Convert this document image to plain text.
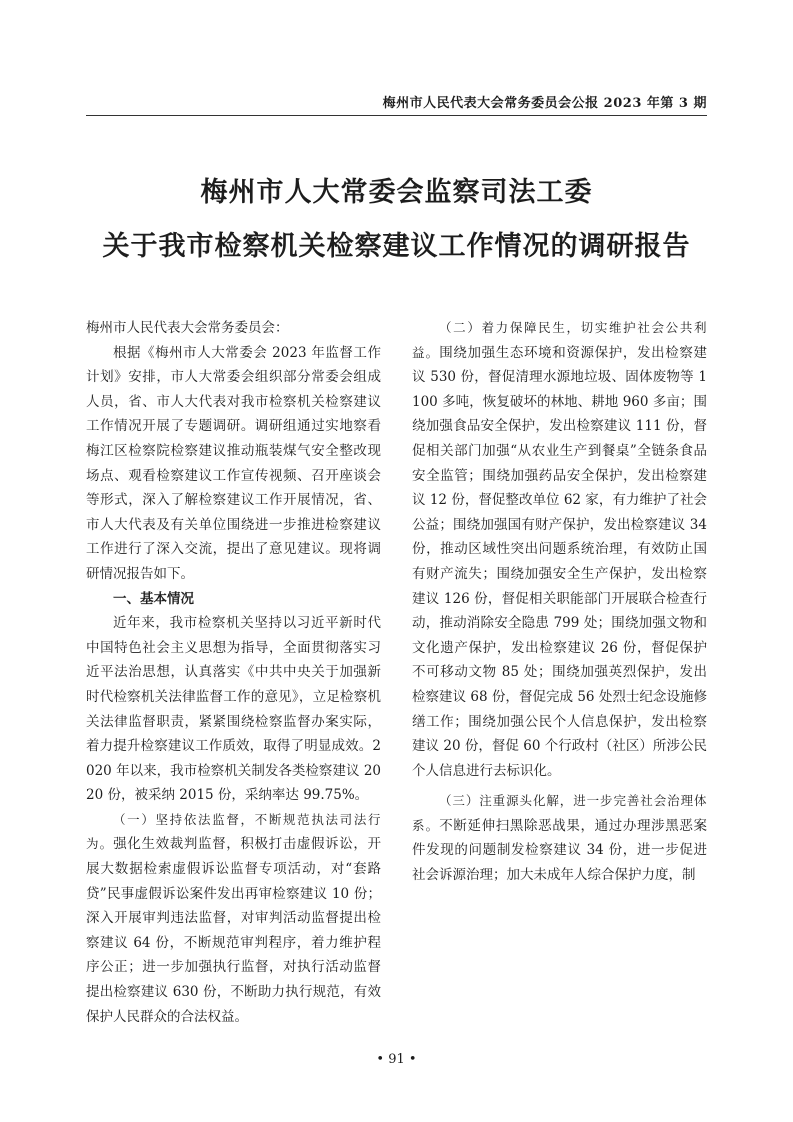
梅州市人民代表大会常务委员会公报 2023 年第 3 期
梅州市人大常委会监察司法工委
关于我市检察机关检察建议工作情况的调研报告

梅州市人民代表大会常务委员会：

根据《梅州市人大常委会 2023 年监督工作计划》安排，市人大常委会组织部分常委会组成人员，省、市人大代表对我市检察机关检察建议工作情况开展了专题调研。调研组通过实地察看梅江区检察院检察建议推动瓶装煤气安全整改现场点、观看检察建议工作宣传视频、召开座谈会等形式，深入了解检察建议工作开展情况，省、市人大代表及有关单位围绕进一步推进检察建议工作进行了深入交流，提出了意见建议。现将调研情况报告如下。

一、基本情况

近年来，我市检察机关坚持以习近平新时代中国特色社会主义思想为指导，全面贯彻落实习近平法治思想，认真落实《中共中央关于加强新时代检察机关法律监督工作的意见》，立足检察机关法律监督职责，紧紧围绕检察监督办案实际，着力提升检察建议工作质效，取得了明显成效。2020 年以来，我市检察机关制发各类检察建议 2020 份，被采纳 2015 份，采纳率达 99.75%。

（一）坚持依法监督，不断规范执法司法行为。强化生效裁判监督，积极打击虚假诉讼，开展大数据检索虚假诉讼监督专项活动，对“套路贷”民事虚假诉讼案件发出再审检察建议 10 份；深入开展审判违法监督，对审判活动监督提出检察建议 64 份，不断规范审判程序，着力维护程序公正；进一步加强执行监督，对执行活动监督提出检察建议 630 份，不断助力执行规范，有效保护人民群众的合法权益。

（二）着力保障民生，切实维护社会公共利益。围绕加强生态环境和资源保护，发出检察建议 530 份，督促清理水源地垃圾、固体废物等 1100 多吨，恢复破坏的林地、耕地 960 多亩；围绕加强食品安全保护，发出检察建议 111 份，督促相关部门加强“从农业生产到餐桌”全链条食品安全监管；围绕加强药品安全保护，发出检察建议 12 份，督促整改单位 62 家，有力维护了社会公益；围绕加强国有财产保护，发出检察建议 34 份，推动区域性突出问题系统治理，有效防止国有财产流失；围绕加强安全生产保护，发出检察建议 126 份，督促相关职能部门开展联合检查行动，推动消除安全隐患 799 处；围绕加强文物和文化遗产保护，发出检察建议 26 份，督促保护不可移动文物 85 处；围绕加强英烈保护，发出检察建议 68 份，督促完成 56 处烈士纪念设施修缮工作；围绕加强公民个人信息保护，发出检察建议 20 份，督促 60 个行政村（社区）所涉公民个人信息进行去标识化。

（三）注重源头化解，进一步完善社会治理体系。不断延伸扫黑除恶战果，通过办理涉黑恶案件发现的问题制发检察建议 34 份，进一步促进社会诉源治理；加大未成年人综合保护力度，制

• 91 •
